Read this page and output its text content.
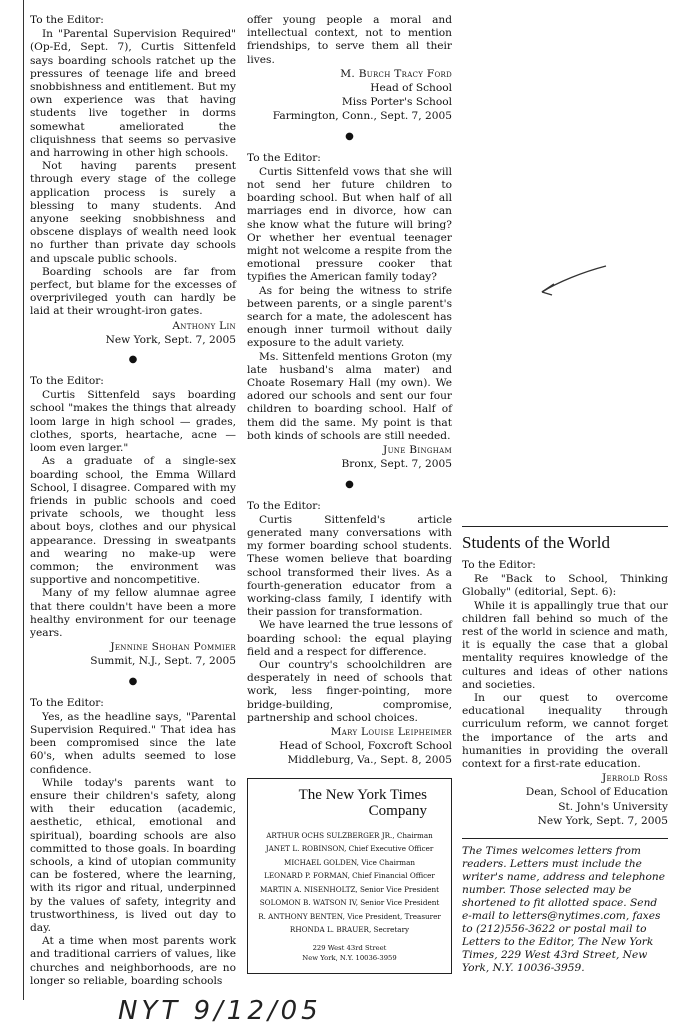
To the Editor:

In "Parental Supervision Required" (Op-Ed, Sept. 7), Curtis Sittenfeld says boarding schools ratchet up the pressures of teenage life and breed snobbishness and entitlement. But my own experience was that having students live together in dorms somewhat ameliorated the cliquishness that seems so pervasive and harrowing in other high schools.

Not having parents present through every stage of the college application process is surely a blessing to many students. And anyone seeking snobbishness and obscene displays of wealth need look no further than private day schools and upscale public schools.

Boarding schools are far from perfect, but blame for the excesses of overprivileged youth can hardly be laid at their wrought-iron gates.

Anthony Lin
New York, Sept. 7, 2005
●
To the Editor:

Curtis Sittenfeld says boarding school "makes the things that already loom large in high school — grades, clothes, sports, heartache, acne — loom even larger."

As a graduate of a single-sex boarding school, the Emma Willard School, I disagree. Compared with my friends in public schools and coed private schools, we thought less about boys, clothes and our physical appearance. Dressing in sweatpants and wearing no make-up were common; the environment was supportive and noncompetitive.

Many of my fellow alumnae agree that there couldn't have been a more healthy environment for our teenage years.

Jennine Shohan Pommier
Summit, N.J., Sept. 7, 2005
●
To the Editor:

Yes, as the headline says, "Parental Supervision Required." That idea has been compromised since the late 60's, when adults seemed to lose confidence.

While today's parents want to ensure their children's safety, along with their education (academic, aesthetic, ethical, emotional and spiritual), boarding schools are also committed to those goals. In boarding schools, a kind of utopian community can be fostered, where the learning, with its rigor and ritual, underpinned by the values of safety, integrity and trustworthiness, is lived out day to day.

At a time when most parents work and traditional carriers of values, like churches and neighborhoods, are no longer so reliable, boarding schools

offer young people a moral and intellectual context, not to mention friendships, to serve them all their lives.

M. Burch Tracy Ford
Head of School
Miss Porter's School
Farmington, Conn., Sept. 7, 2005
●
To the Editor:

Curtis Sittenfeld vows that she will not send her future children to boarding school. But when half of all marriages end in divorce, how can she know what the future will bring? Or whether her eventual teenager might not welcome a respite from the emotional pressure cooker that typifies the American family today?

As for being the witness to strife between parents, or a single parent's search for a mate, the adolescent has enough inner turmoil without daily exposure to the adult variety.

Ms. Sittenfeld mentions Groton (my late husband's alma mater) and Choate Rosemary Hall (my own). We adored our schools and sent our four children to boarding school. Half of them did the same. My point is that both kinds of schools are still needed.

June Bingham
Bronx, Sept. 7, 2005
●
To the Editor:

Curtis Sittenfeld's article generated many conversations with my former boarding school students. These women believe that boarding school transformed their lives. As a fourth-generation educator from a working-class family, I identify with their passion for transformation.

We have learned the true lessons of boarding school: the equal playing field and a respect for difference.

Our country's schoolchildren are desperately in need of schools that work, less finger-pointing, more bridge-building, compromise, partnership and school choices.

Mary Louise Leipheimer
Head of School, Foxcroft School
Middleburg, Va., Sept. 8, 2005
The New York Times
Company
ARTHUR OCHS SULZBERGER JR., Chairman
JANET L. ROBINSON, Chief Executive Officer
MICHAEL GOLDEN, Vice Chairman
LEONARD P. FORMAN, Chief Financial Officer
MARTIN A. NISENHOLTZ, Senior Vice President
SOLOMON B. WATSON IV, Senior Vice President
R. ANTHONY BENTEN, Vice President, Treasurer
RHONDA L. BRAUER, Secretary
229 West 43rd Street
New York, N.Y. 10036-3959
Students of the World
To the Editor:

Re "Back to School, Thinking Globally" (editorial, Sept. 6):

While it is appallingly true that our children fall behind so much of the rest of the world in science and math, it is equally the case that a global mentality requires knowledge of the cultures and ideas of other nations and societies.

In our quest to overcome educational inequality through curriculum reform, we cannot forget the importance of the arts and humanities in providing the overall context for a first-rate education.

Jerrold Ross
Dean, School of Education
St. John's University
New York, Sept. 7, 2005
The Times welcomes letters from readers. Letters must include the writer's name, address and telephone number. Those selected may be shortened to fit allotted space. Send e-mail to letters@nytimes.com, faxes to (212)556-3622 or postal mail to Letters to the Editor, The New York Times, 229 West 43rd Street, New York, N.Y. 10036-3959.
NYT 9/12/05
